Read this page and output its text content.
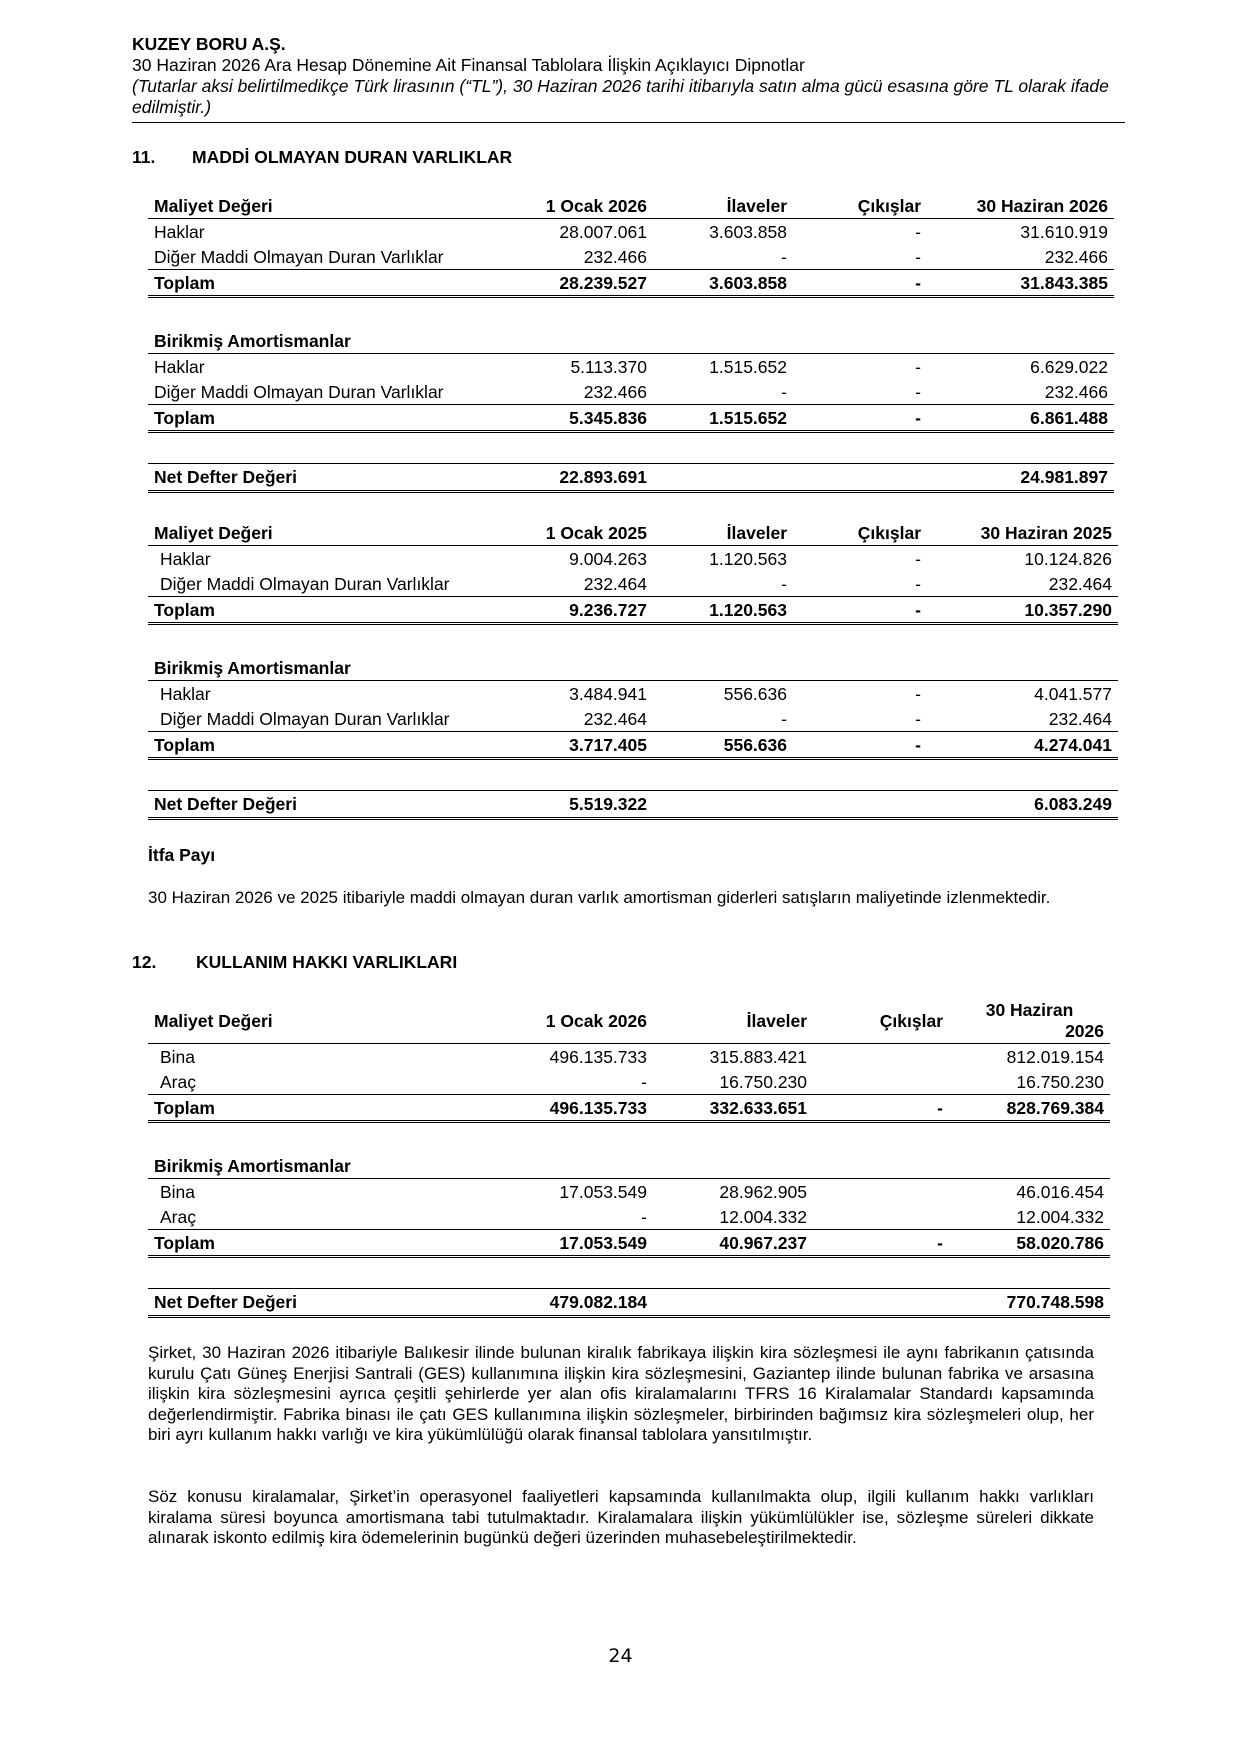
KUZEY BORU A.Ş.
30 Haziran 2026 Ara Hesap Dönemine Ait Finansal Tablolara İlişkin Açıklayıcı Dipnotlar
(Tutarlar aksi belirtilmedikçe Türk lirasının (“TL”), 30 Haziran 2026 tarihi itibarıyla satın alma gücü esasına göre TL olarak ifade edilmiştir.)
11. MADDİ OLMAYAN DURAN VARLIKLAR
Maliyet Değeri	1 Ocak 2026	İlaveler	Çıkışlar	30 Haziran 2026
Haklar	28.007.061	3.603.858	-	31.610.919
Diğer Maddi Olmayan Duran Varlıklar	232.466	-	-	232.466
Toplam	28.239.527	3.603.858	-	31.843.385

Birikmiş Amortismanlar				
Haklar	5.113.370	1.515.652	-	6.629.022
Diğer Maddi Olmayan Duran Varlıklar	232.466	-	-	232.466
Toplam	5.345.836	1.515.652	-	6.861.488

Net Defter Değeri	22.893.691			24.981.897
Maliyet Değeri	1 Ocak 2025	İlaveler	Çıkışlar	30 Haziran 2025
Haklar	9.004.263	1.120.563	-	10.124.826
Diğer Maddi Olmayan Duran Varlıklar	232.464	-	-	232.464
Toplam	9.236.727	1.120.563	-	10.357.290

Birikmiş Amortismanlar				
Haklar	3.484.941	556.636	-	4.041.577
Diğer Maddi Olmayan Duran Varlıklar	232.464	-	-	232.464
Toplam	3.717.405	556.636	-	4.274.041

Net Defter Değeri	5.519.322			6.083.249
İtfa Payı
30 Haziran 2026 ve 2025 itibariyle maddi olmayan duran varlık amortisman giderleri satışların maliyetinde izlenmektedir.
12. KULLANIM HAKKI VARLIKLARI
Maliyet Değeri	1 Ocak 2026	İlaveler	Çıkışlar	30 Haziran
2026

Bina	496.135.733	315.883.421		812.019.154
Araç	-	16.750.230		16.750.230
Toplam	496.135.733	332.633.651	-	828.769.384

Birikmiş Amortismanlar				
Bina	17.053.549	28.962.905		46.016.454
Araç	-	12.004.332		12.004.332
Toplam	17.053.549	40.967.237	-	58.020.786

Net Defter Değeri	479.082.184			770.748.598
Şirket, 30 Haziran 2026 itibariyle Balıkesir ilinde bulunan kiralık fabrikaya ilişkin kira sözleşmesi ile aynı fabrikanın çatısında kurulu Çatı Güneş Enerjisi Santrali (GES) kullanımına ilişkin kira sözleşmesini, Gaziantep ilinde bulunan fabrika ve arsasına ilişkin kira sözleşmesini ayrıca çeşitli şehirlerde yer alan ofis kiralamalarını TFRS 16 Kiralamalar Standardı kapsamında değerlendirmiştir. Fabrika binası ile çatı GES kullanımına ilişkin sözleşmeler, birbirinden bağımsız kira sözleşmeleri olup, her biri ayrı kullanım hakkı varlığı ve kira yükümlülüğü olarak finansal tablolara yansıtılmıştır.
Söz konusu kiralamalar, Şirket’in operasyonel faaliyetleri kapsamında kullanılmakta olup, ilgili kullanım hakkı varlıkları kiralama süresi boyunca amortismana tabi tutulmaktadır. Kiralamalara ilişkin yükümlülükler ise, sözleşme süreleri dikkate alınarak iskonto edilmiş kira ödemelerinin bugünkü değeri üzerinden muhasebeleştirilmektedir.
24
